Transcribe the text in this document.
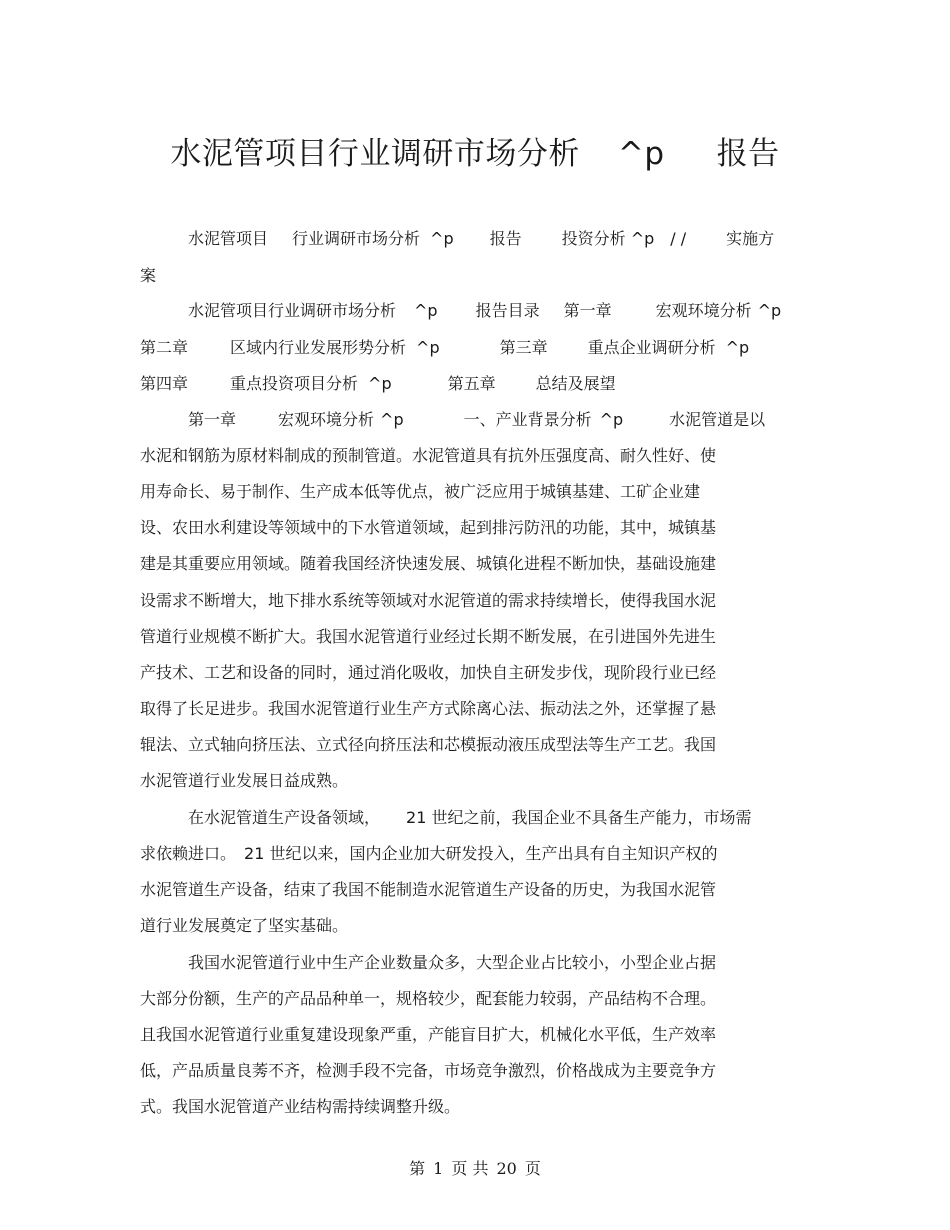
水泥管项目行业调研市场分析 ^p 报告
水泥管项目 行业调研市场分析 ^p 报告	投资分析 ^p / /	实施方
案
水泥管项目行业调研市场分析 ^p 报告目录 第一章	宏观环境分析 ^p
第二章	区域内行业发展形势分析 ^p	第三章	重点企业调研分析 ^p
第四章	重点投资项目分析 ^p	第五章	总结及展望
第一章	宏观环境分析 ^p	一、产业背景分析 ^p	水泥管道是以
水泥和钢筋为原材料制成的预制管道。水泥管道具有抗外压强度高、耐久性好、使
用寿命长、易于制作、生产成本低等优点，被广泛应用于城镇基建、工矿企业建
设、农田水利建设等领域中的下水管道领域，起到排污防汛的功能，其中，城镇基
建是其重要应用领域。随着我国经济快速发展、城镇化进程不断加快，基础设施建
设需求不断增大，地下排水系统等领域对水泥管道的需求持续增长，使得我国水泥
管道行业规模不断扩大。我国水泥管道行业经过长期不断发展，在引进国外先进生
产技术、工艺和设备的同时，通过消化吸收，加快自主研发步伐，现阶段行业已经
取得了长足进步。我国水泥管道行业生产方式除离心法、振动法之外，还掌握了悬
辊法、立式轴向挤压法、立式径向挤压法和芯模振动液压成型法等生产工艺。我国
水泥管道行业发展日益成熟。
在水泥管道生产设备领域， 21 世纪之前，我国企业不具备生产能力，市场需
求依赖进口。 21 世纪以来，国内企业加大研发投入，生产出具有自主知识产权的
水泥管道生产设备，结束了我国不能制造水泥管道生产设备的历史，为我国水泥管
道行业发展奠定了坚实基础。
我国水泥管道行业中生产企业数量众多，大型企业占比较小，小型企业占据
大部分份额，生产的产品品种单一，规格较少，配套能力较弱，产品结构不合理。
且我国水泥管道行业重复建设现象严重，产能盲目扩大，机械化水平低，生产效率
低，产品质量良莠不齐，检测手段不完备，市场竞争激烈，价格战成为主要竞争方
式。我国水泥管道产业结构需持续调整升级。
第 1 页 共 20 页
